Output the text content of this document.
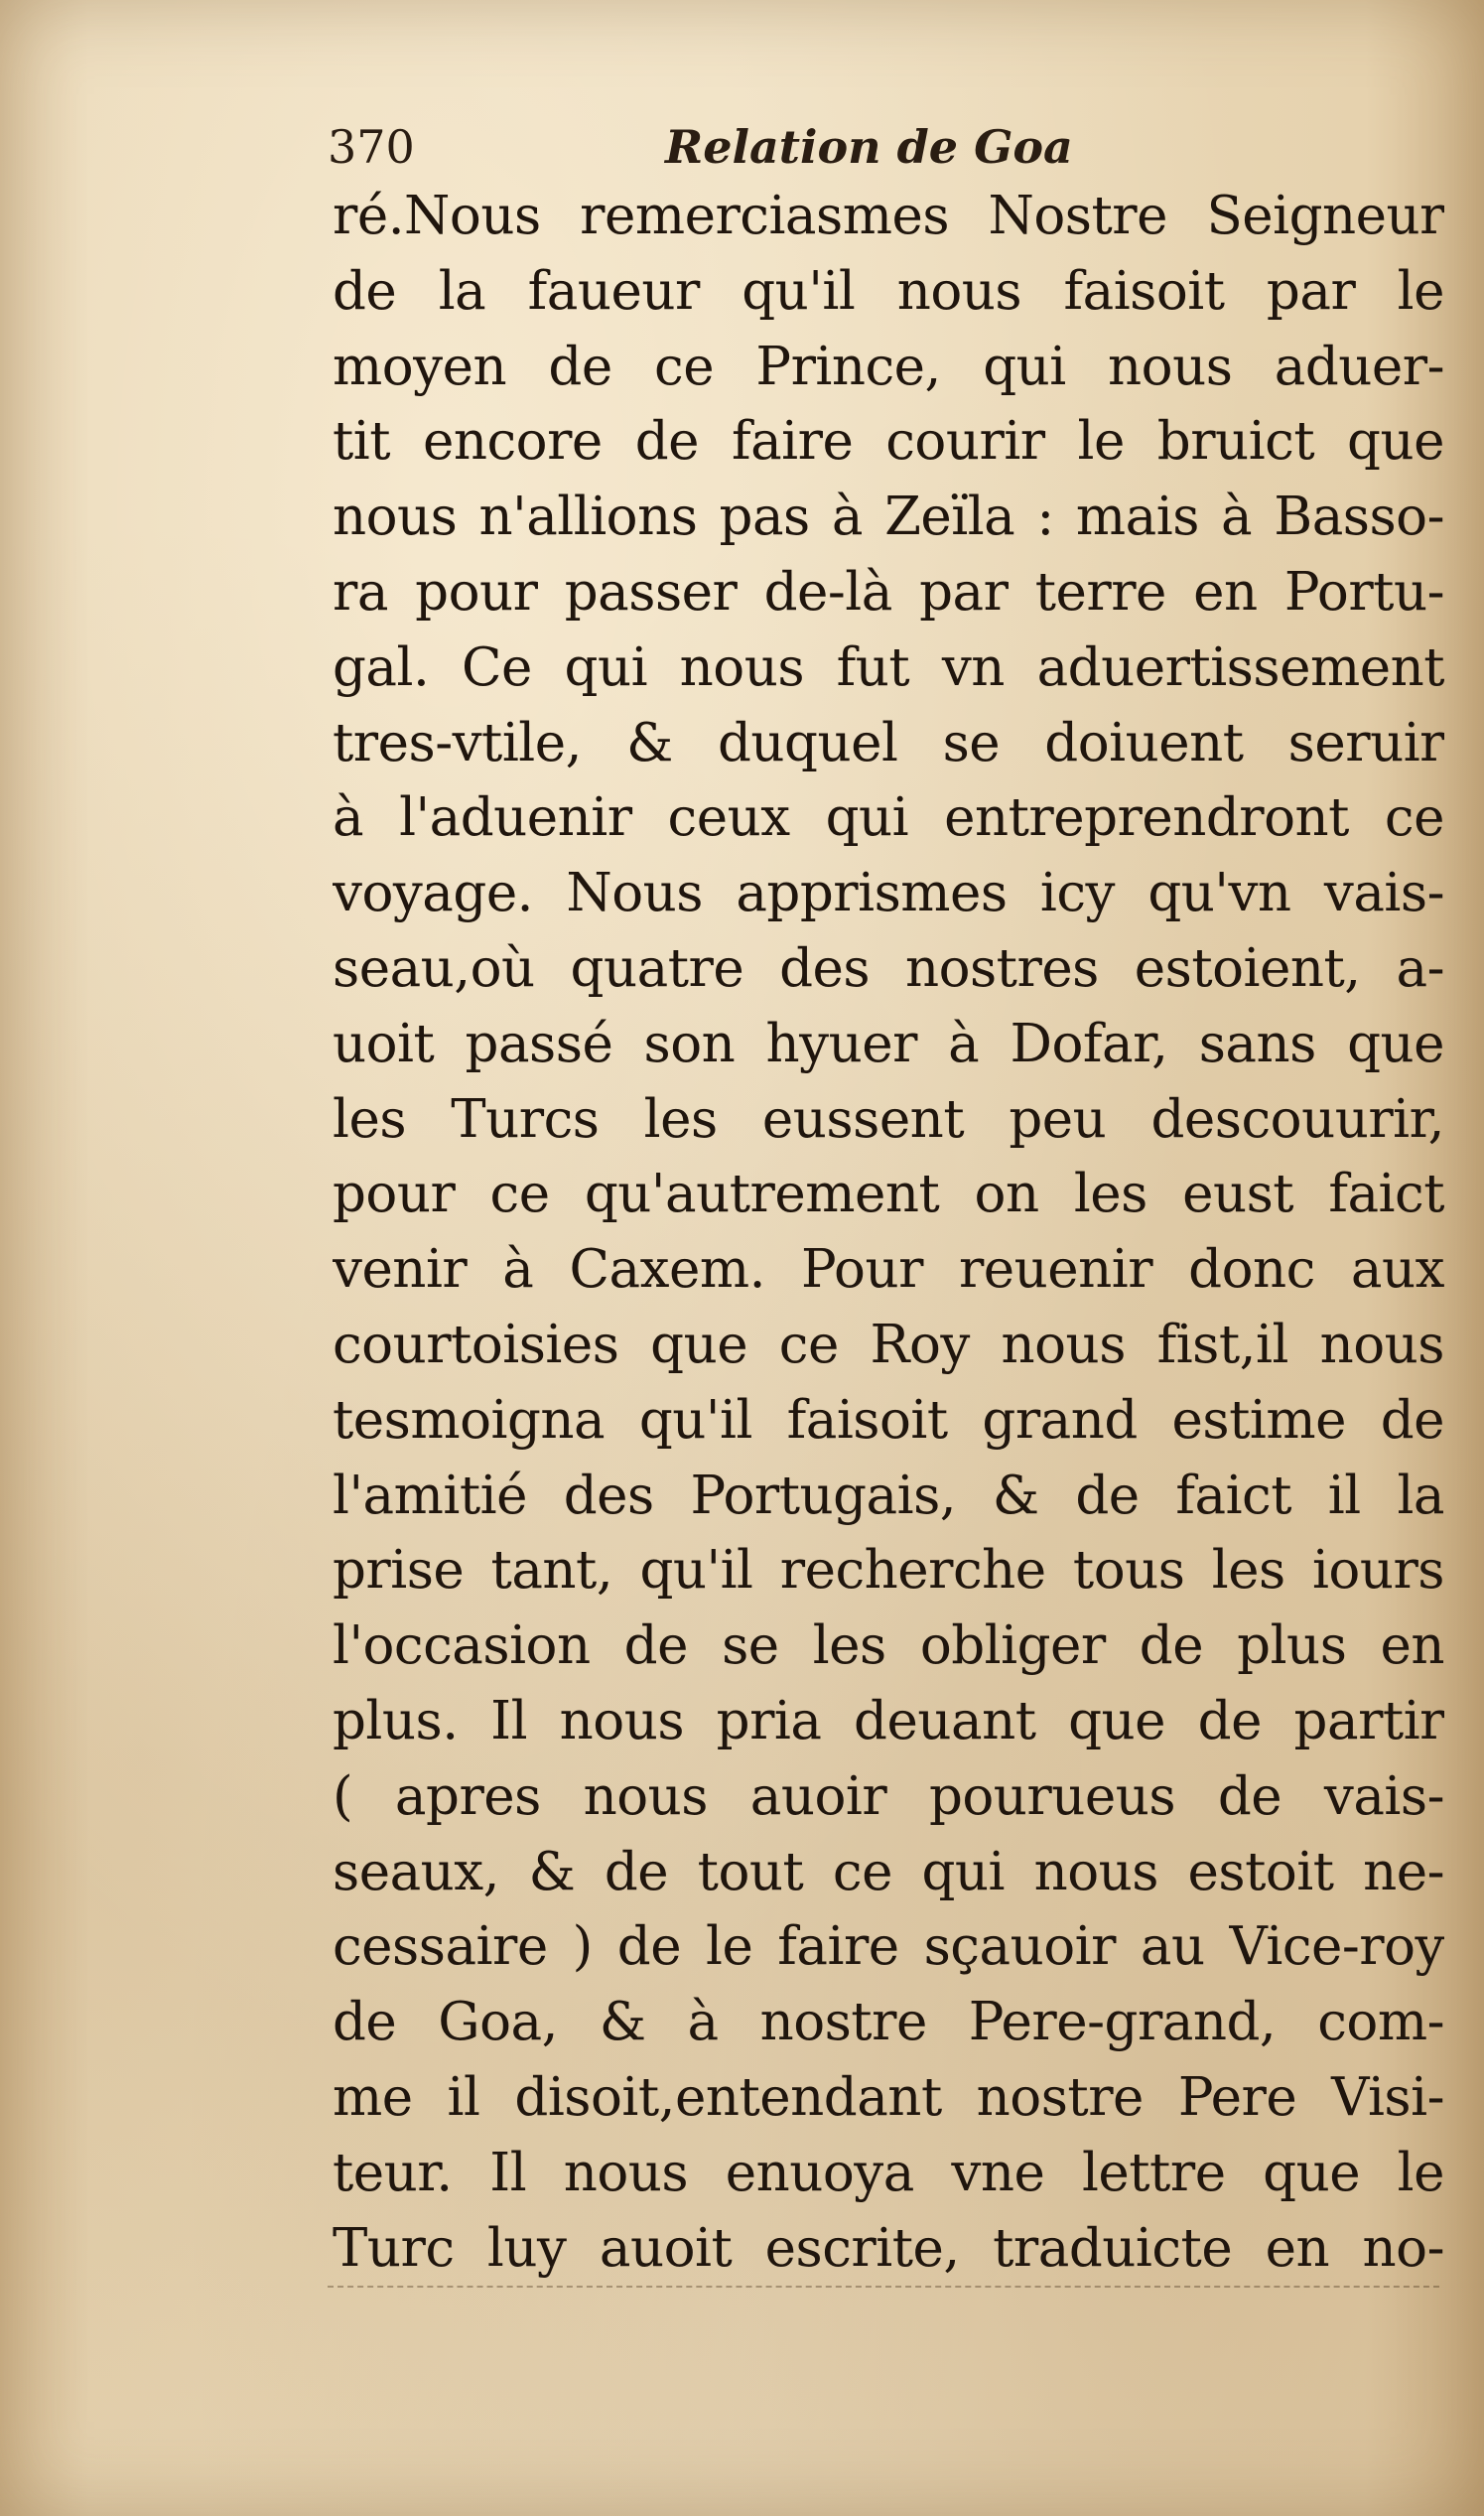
370	Relation de Goa
ré.Nous remerciasmes Nostre Seigneur
de la faueur qu'il nous faisoit par le
moyen de ce Prince, qui nous aduer-
tit encore de faire courir le bruict que
nous n'allions pas à Zeïla : mais à Basso-
ra pour passer de-là par terre en Portu-
gal. Ce qui nous fut vn aduertissement
tres-vtile, & duquel se doiuent seruir
à l'aduenir ceux qui entreprendront ce
voyage. Nous apprismes icy qu'vn vais-
seau,où quatre des nostres estoient, a-
uoit passé son hyuer à Dofar, sans que
les Turcs les eussent peu descouurir,
pour ce qu'autrement on les eust faict
venir à Caxem. Pour reuenir donc aux
courtoisies que ce Roy nous fist,il nous
tesmoigna qu'il faisoit grand estime de
l'amitié des Portugais, & de faict il la
prise tant, qu'il recherche tous les iours
l'occasion de se les obliger de plus en
plus. Il nous pria deuant que de partir
( apres nous auoir pourueus de vais-
seaux, & de tout ce qui nous estoit ne-
cessaire ) de le faire sçauoir au Vice-roy
de Goa, & à nostre Pere-grand, com-
me il disoit,entendant nostre Pere Visi-
teur. Il nous enuoya vne lettre que le
Turc luy auoit escrite, traduicte en no-
